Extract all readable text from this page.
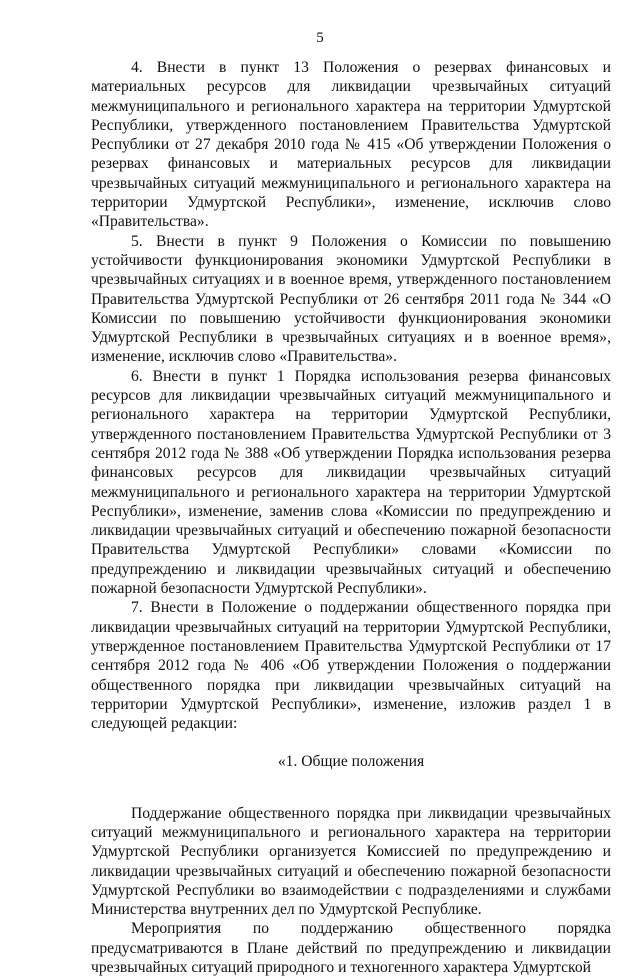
5

4. Внести в пункт 13 Положения о резервах финансовых и материальных ресурсов для ликвидации чрезвычайных ситуаций межмуниципального и регионального характера на территории Удмуртской Республики, утвержденного постановлением Правительства Удмуртской Республики от 27 декабря 2010 года № 415 «Об утверждении Положения о резервах финансовых и материальных ресурсов для ликвидации чрезвычайных ситуаций межмуниципального и регионального характера на территории Удмуртской Республики», изменение, исключив слово «Правительства».

5. Внести в пункт 9 Положения о Комиссии по повышению устойчивости функционирования экономики Удмуртской Республики в чрезвычайных ситуациях и в военное время, утвержденного постановлением Правительства Удмуртской Республики от 26 сентября 2011 года № 344 «О Комиссии по повышению устойчивости функционирования экономики Удмуртской Республики в чрезвычайных ситуациях и в военное время», изменение, исключив слово «Правительства».

6. Внести в пункт 1 Порядка использования резерва финансовых ресурсов для ликвидации чрезвычайных ситуаций межмуниципального и регионального характера на территории Удмуртской Республики, утвержденного постановлением Правительства Удмуртской Республики от 3 сентября 2012 года № 388 «Об утверждении Порядка использования резерва финансовых ресурсов для ликвидации чрезвычайных ситуаций межмуниципального и регионального характера на территории Удмуртской Республики», изменение, заменив слова «Комиссии по предупреждению и ликвидации чрезвычайных ситуаций и обеспечению пожарной безопасности Правительства Удмуртской Республики» словами «Комиссии по предупреждению и ликвидации чрезвычайных ситуаций и обеспечению пожарной безопасности Удмуртской Республики».

7. Внести в Положение о поддержании общественного порядка при ликвидации чрезвычайных ситуаций на территории Удмуртской Республики, утвержденное постановлением Правительства Удмуртской Республики от 17 сентября 2012 года № 406 «Об утверждении Положения о поддержании общественного порядка при ликвидации чрезвычайных ситуаций на территории Удмуртской Республики», изменение, изложив раздел 1 в следующей редакции:

«1. Общие положения

Поддержание общественного порядка при ликвидации чрезвычайных ситуаций межмуниципального и регионального характера на территории Удмуртской Республики организуется Комиссией по предупреждению и ликвидации чрезвычайных ситуаций и обеспечению пожарной безопасности Удмуртской Республики во взаимодействии с подразделениями и службами Министерства внутренних дел по Удмуртской Республике.

Мероприятия по поддержанию общественного порядка предусматриваются в Плане действий по предупреждению и ликвидации чрезвычайных ситуаций природного и техногенного характера Удмуртской
